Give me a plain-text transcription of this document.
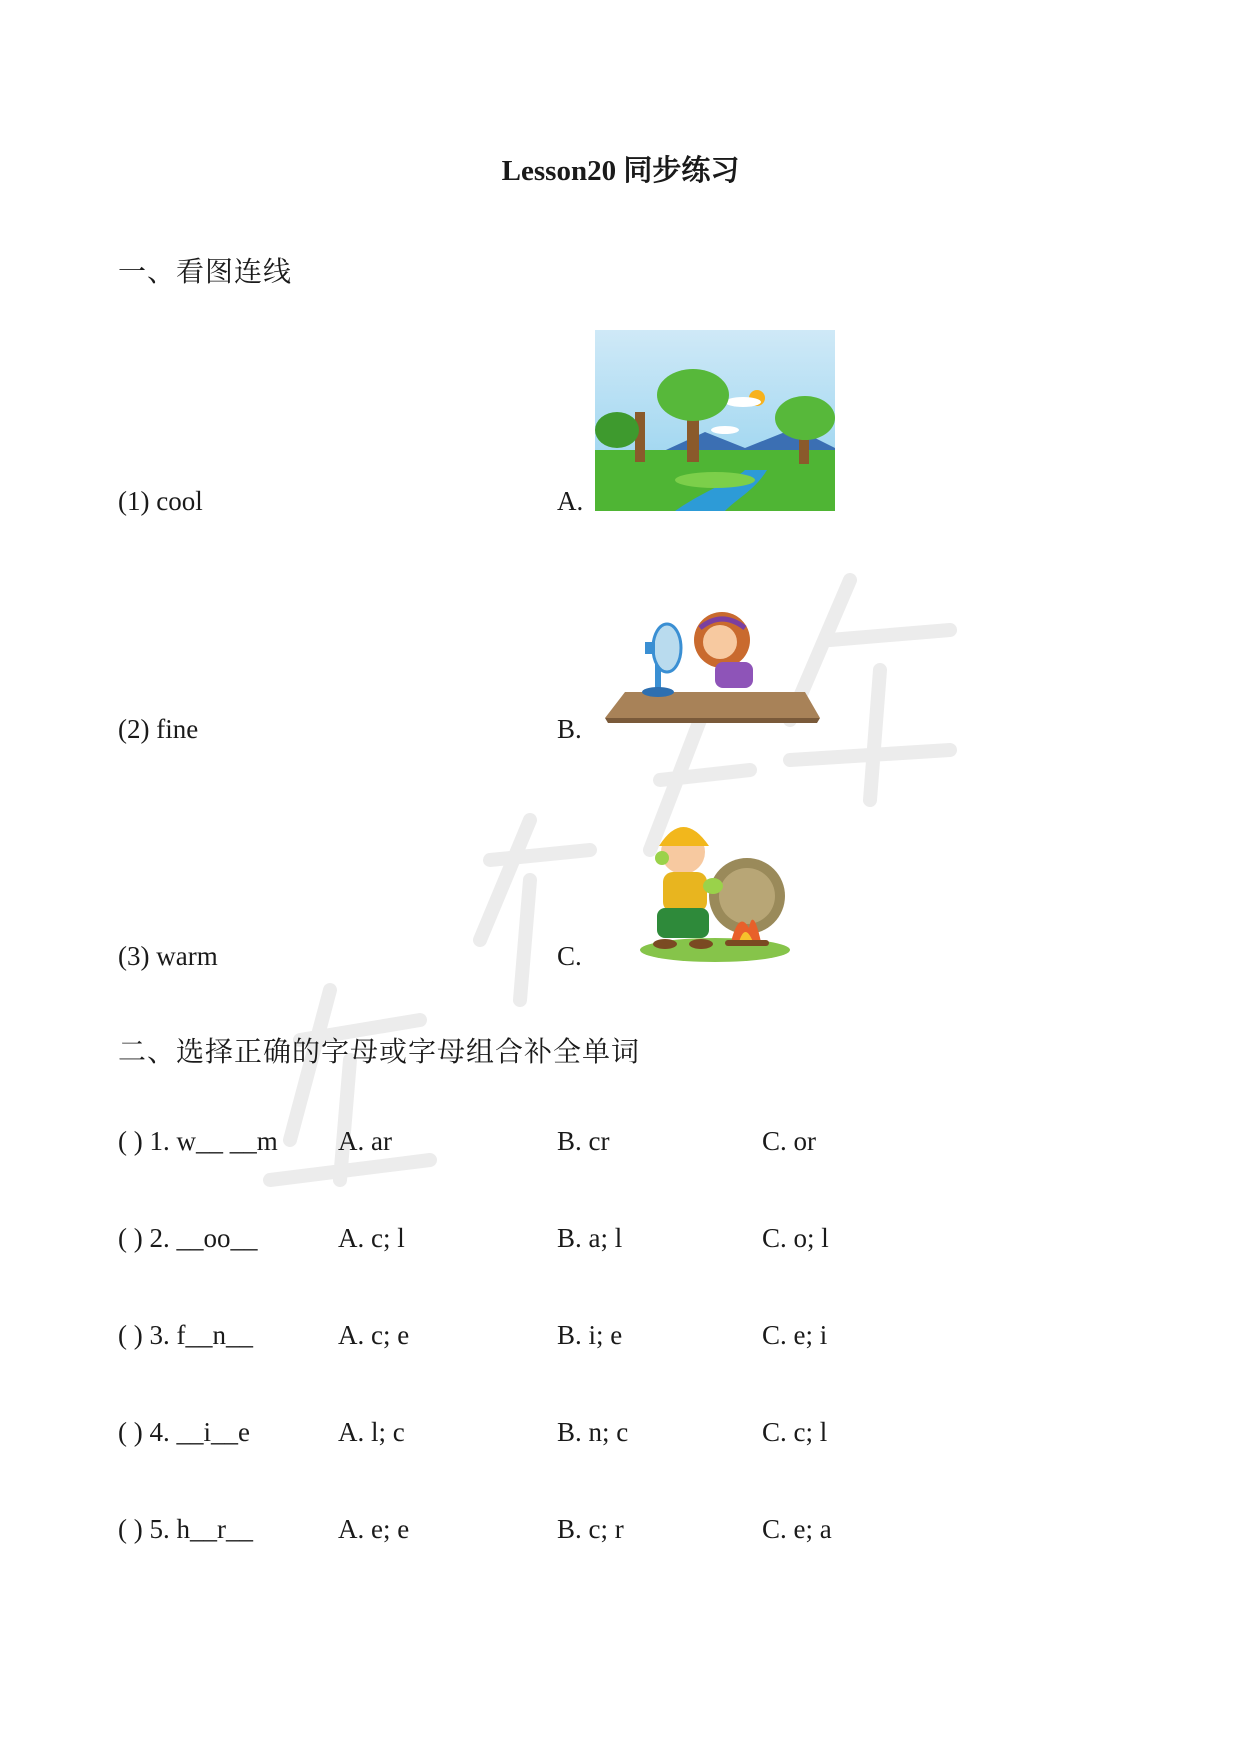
Lesson20 同步练习
一、看图连线
(1) cool	A.
(2) fine	B.
(3) warm	C.
二、选择正确的字母或字母组合补全单词
( ) 1. w__ __m A. ar	B. cr	C. or
( ) 2. __oo__	A. c; l	B. a; l	C. o; l
( ) 3. f__n__	A. c; e	B. i; e	C. e; i
( ) 4. __i__e	A. l; c	B. n; c	C. c; l
( ) 5. h__r__	A. e; e	B. c; r	C. e; a
